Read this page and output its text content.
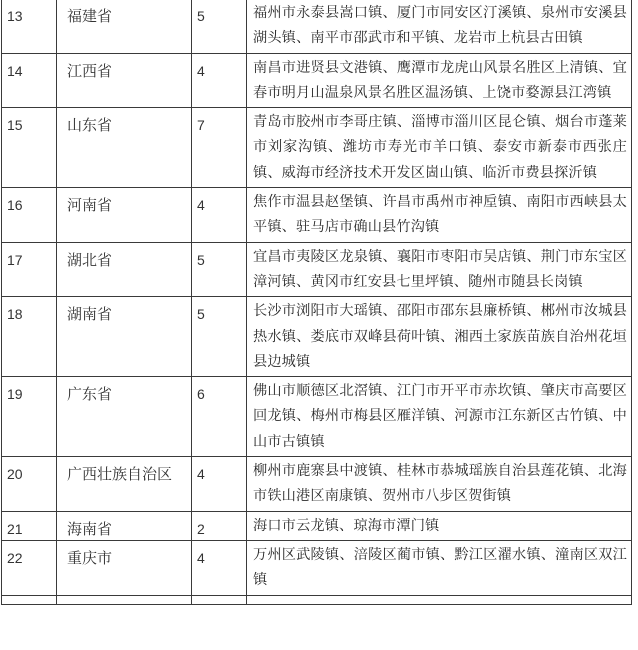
13	福建省	5	福州市永泰县嵩口镇、厦门市同安区汀溪镇、泉州市安溪县湖头镇、南平市邵武市和平镇、龙岩市上杭县古田镇
14	江西省	4	南昌市进贤县文港镇、鹰潭市龙虎山风景名胜区上清镇、宜春市明月山温泉风景名胜区温汤镇、上饶市婺源县江湾镇
15	山东省	7	青岛市胶州市李哥庄镇、淄博市淄川区昆仑镇、烟台市蓬莱市刘家沟镇、潍坊市寿光市羊口镇、泰安市新泰市西张庄镇、威海市经济技术开发区崮山镇、临沂市费县探沂镇
16	河南省	4	焦作市温县赵堡镇、许昌市禹州市神垕镇、南阳市西峡县太平镇、驻马店市确山县竹沟镇
17	湖北省	5	宜昌市夷陵区龙泉镇、襄阳市枣阳市吴店镇、荆门市东宝区漳河镇、黄冈市红安县七里坪镇、随州市随县长岗镇
18	湖南省	5	长沙市浏阳市大瑶镇、邵阳市邵东县廉桥镇、郴州市汝城县热水镇、娄底市双峰县荷叶镇、湘西土家族苗族自治州花垣县边城镇
19	广东省	6	佛山市顺德区北滘镇、江门市开平市赤坎镇、肇庆市高要区回龙镇、梅州市梅县区雁洋镇、河源市江东新区古竹镇、中山市古镇镇
20	广西壮族自治区	4	柳州市鹿寨县中渡镇、桂林市恭城瑶族自治县莲花镇、北海市铁山港区南康镇、贺州市八步区贺街镇
21	海南省	2	海口市云龙镇、琼海市潭门镇
22	重庆市	4	万州区武陵镇、涪陵区蔺市镇、黔江区濯水镇、潼南区双江镇
